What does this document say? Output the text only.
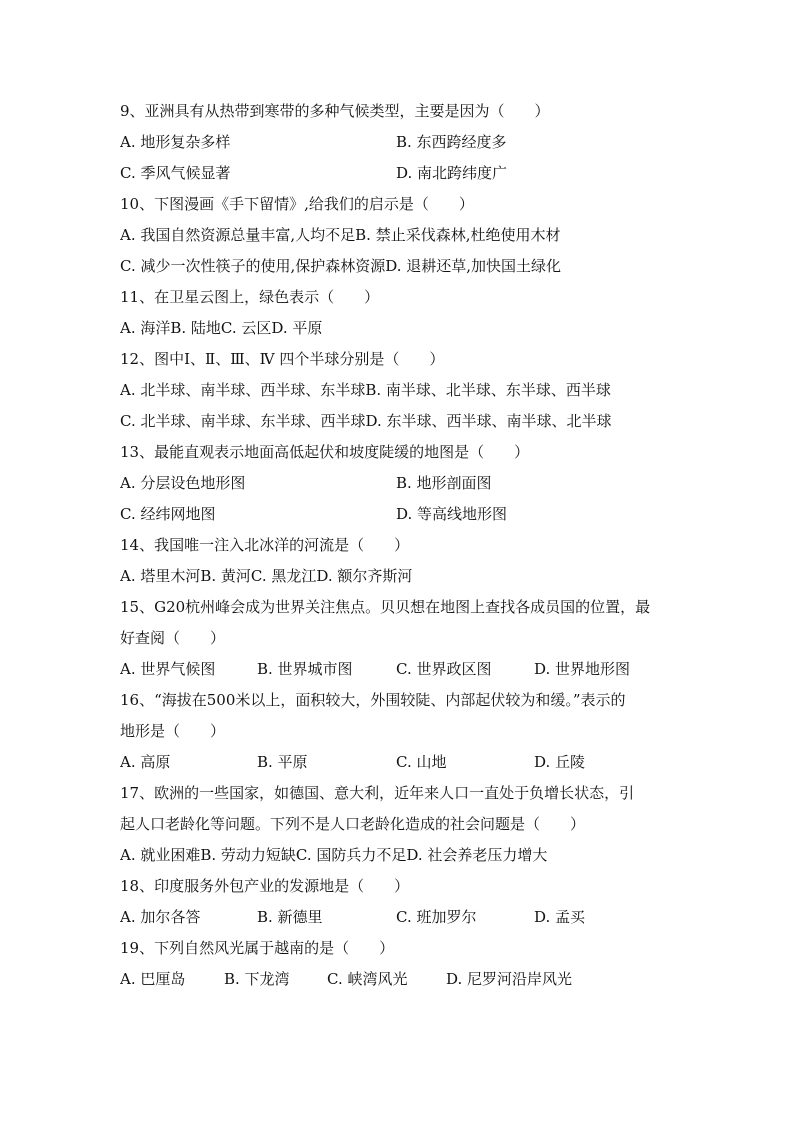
9、亚洲具有从热带到寒带的多种气候类型，主要是因为（　　）
A. 地形复杂多样	B. 东西跨经度多
C. 季风气候显著	D. 南北跨纬度广
10、下图漫画《手下留情》,给我们的启示是（　　）
A. 我国自然资源总量丰富,人均不足B. 禁止采伐森林,杜绝使用木材
C. 减少一次性筷子的使用,保护森林资源D. 退耕还草,加快国土绿化
11、在卫星云图上，绿色表示（　　）
A. 海洋B. 陆地C. 云区D. 平原
12、图中Ⅰ、Ⅱ、Ⅲ、Ⅳ 四个半球分别是（　　）
A. 北半球、南半球、西半球、东半球B. 南半球、北半球、东半球、西半球
C. 北半球、南半球、东半球、西半球D. 东半球、西半球、南半球、北半球
13、最能直观表示地面高低起伏和坡度陡缓的地图是（　　）
A. 分层设色地形图	B. 地形剖面图
C. 经纬网地图	D. 等高线地形图
14、我国唯一注入北冰洋的河流是（　　）
A. 塔里木河B. 黄河C. 黑龙江D. 额尔齐斯河
15、G20杭州峰会成为世界关注焦点。贝贝想在地图上查找各成员国的位置，最
好查阅（　　）
A. 世界气候图	B. 世界城市图	C. 世界政区图	D. 世界地形图
16、“海拔在500米以上，面积较大，外围较陡、内部起伏较为和缓。”表示的
地形是（　　）
A. 高原	B. 平原	C. 山地	D. 丘陵
17、欧洲的一些国家，如德国、意大利，近年来人口一直处于负增长状态，引
起人口老龄化等问题。下列不是人口老龄化造成的社会问题是（　　）
A. 就业困难B. 劳动力短缺C. 国防兵力不足D. 社会养老压力增大
18、印度服务外包产业的发源地是（　　）
A. 加尔各答	B. 新德里	C. 班加罗尔	D. 孟买
19、下列自然风光属于越南的是（　　）
A. 巴厘岛	B. 下龙湾 C. 峡湾风光	D. 尼罗河沿岸风光
